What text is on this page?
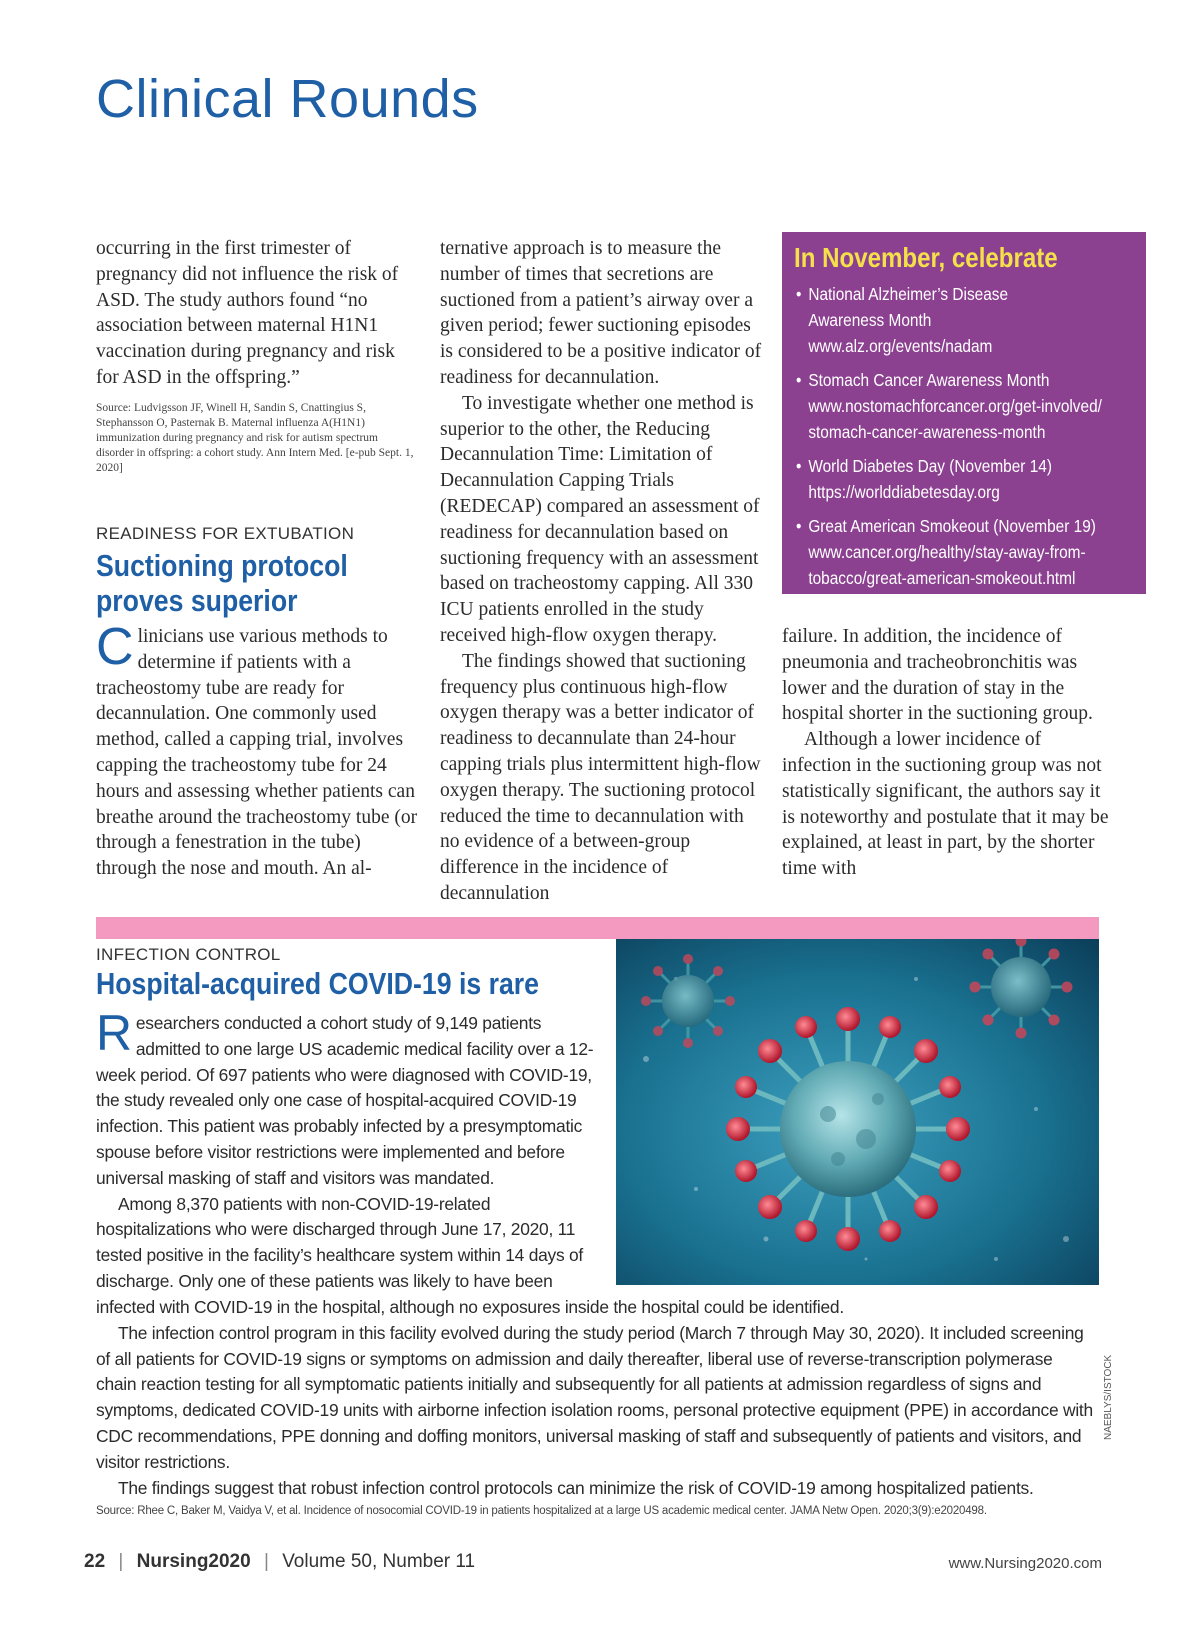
Clinical Rounds

occurring in the first trimester of pregnancy did not influence the risk of ASD. The study authors found “no association between maternal H1N1 vaccination during pregnancy and risk for ASD in the offspring.”

Source: Ludvigsson JF, Winell H, Sandin S, Cnattingius S, Stephansson O, Pasternak B. Maternal influenza A(H1N1) immunization during pregnancy and risk for autism spectrum disorder in offspring: a cohort study. Ann Intern Med. [e-pub Sept. 1, 2020]

READINESS FOR EXTUBATION
Suctioning protocol
proves superior

Clinicians use various methods to determine if patients with a tracheostomy tube are ready for decannulation. One commonly used method, called a capping trial, involves capping the tracheostomy tube for 24 hours and assessing whether patients can breathe around the tracheostomy tube (or through a fenestration in the tube) through the nose and mouth. An al-

ternative approach is to measure the number of times that secretions are suctioned from a patient’s airway over a given period; fewer suctioning episodes is considered to be a positive indicator of readiness for decannulation.

To investigate whether one method is superior to the other, the Reducing Decannulation Time: Limitation of Decannulation Capping Trials (REDECAP) compared an assessment of readiness for decannulation based on suctioning frequency with an assessment based on tracheostomy capping. All 330 ICU patients enrolled in the study received high-flow oxygen therapy.

The findings showed that suctioning frequency plus continuous high-flow oxygen therapy was a better indicator of readiness to decannulate than 24-hour capping trials plus intermittent high-flow oxygen therapy. The suctioning protocol reduced the time to decannulation with no evidence of a between-group difference in the incidence of decannulation

In November, celebrate
• National Alzheimer’s Disease
Awareness Month
www.alz.org/events/nadam
• Stomach Cancer Awareness Month
www.nostomachforcancer.org/get-involved/
stomach-cancer-awareness-month
• World Diabetes Day (November 14)
https://worlddiabetesday.org
• Great American Smokeout (November 19)
www.cancer.org/healthy/stay-away-from-
tobacco/great-american-smokeout.html

failure. In addition, the incidence of pneumonia and tracheobronchitis was lower and the duration of stay in the hospital shorter in the suctioning group.

Although a lower incidence of infection in the suctioning group was not statistically significant, the authors say it is noteworthy and postulate that it may be explained, at least in part, by the shorter time with

INFECTION CONTROL
Hospital-acquired COVID-19 is rare

Researchers conducted a cohort study of 9,149 patients admitted to one large US academic medical facility over a 12-week period. Of 697 patients who were diagnosed with COVID-19, the study revealed only one case of hospital-acquired COVID-19 infection. This patient was probably infected by a presymptomatic spouse before visitor restrictions were implemented and before universal masking of staff and visitors was mandated.

Among 8,370 patients with non-COVID-19-related hospitalizations who were discharged through June 17, 2020, 11 tested positive in the facility’s healthcare system within 14 days of discharge. Only one of these patients was likely to have been

infected with COVID-19 in the hospital, although no exposures inside the hospital could be identified.

The infection control program in this facility evolved during the study period (March 7 through May 30, 2020). It included screening of all patients for COVID-19 signs or symptoms on admission and daily thereafter, liberal use of reverse-transcription polymerase chain reaction testing for all symptomatic patients initially and subsequently for all patients at admission regardless of signs and symptoms, dedicated COVID-19 units with airborne infection isolation rooms, personal protective equipment (PPE) in accordance with CDC recommendations, PPE donning and doffing monitors, universal masking of staff and subsequently of patients and visitors, and visitor restrictions.

The findings suggest that robust infection control protocols can minimize the risk of COVID-19 among hospitalized patients.

Source: Rhee C, Baker M, Vaidya V, et al. Incidence of nosocomial COVID-19 in patients hospitalized at a large US academic medical center. JAMA Netw Open. 2020;3(9):e2020498.
NAEBLYS/ISTOCK
22 | Nursing2020 | Volume 50, Number 11	www.Nursing2020.com
